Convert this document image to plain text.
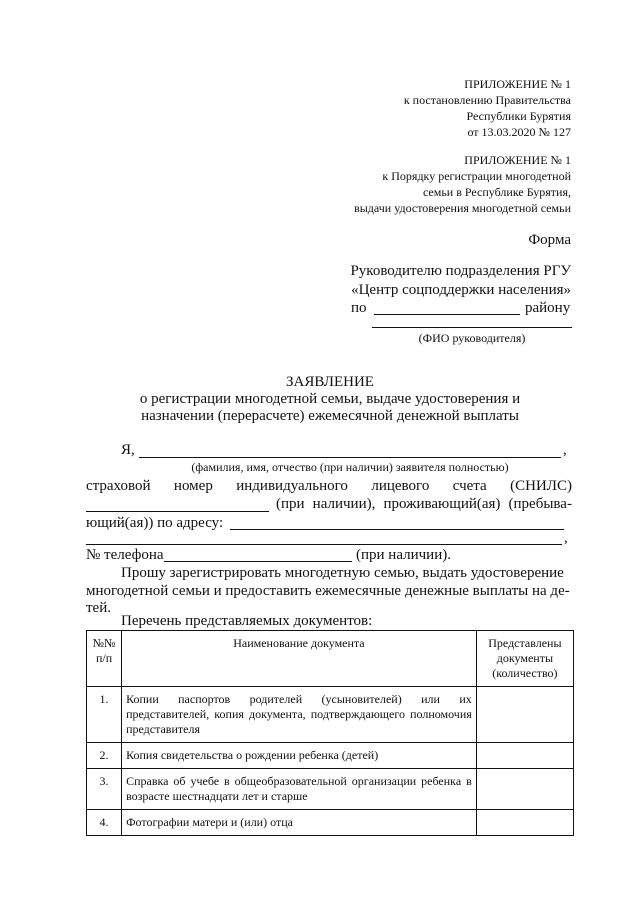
ПРИЛОЖЕНИЕ № 1
к постановлению Правительства
Республики Бурятия
от 13.03.2020 № 127
ПРИЛОЖЕНИЕ № 1
к Порядку регистрации многодетной
семьи в Республике Бурятия,
выдачи удостоверения многодетной семьи
Форма
Руководителю подразделения РГУ
«Центр соцподдержки населения»
по	району
(ФИО руководителя)
ЗАЯВЛЕНИЕ
о регистрации многодетной семьи, выдаче удостоверения и
назначении (перерасчете) ежемесячной денежной выплаты
Я,	,
(фамилия, имя, отчество (при наличии) заявителя полностью)
страховой номер индивидуального лицевого счета (СНИЛС)
(при наличии), проживающий(ая) (пребыва-
ющий(ая)) по адресу:
,
№ телефона	(при наличии).
Прошу зарегистрировать многодетную семью, выдать удостоверение
многодетной семьи и предоставить ежемесячные денежные выплаты на де-
тей.
Перечень представляемых документов:
№№ п/п	Наименование документа	Представлены документы (количество)
1.	Копии паспортов родителей (усыновителей) или их представителей, копия документа, подтверждающего полномочия представителя	
2.	Копия свидетельства о рождении ребенка (детей)	
3.	Справка об учебе в общеобразовательной организации ребенка в возрасте шестнадцати лет и старше	
4.	Фотографии матери и (или) отца	
